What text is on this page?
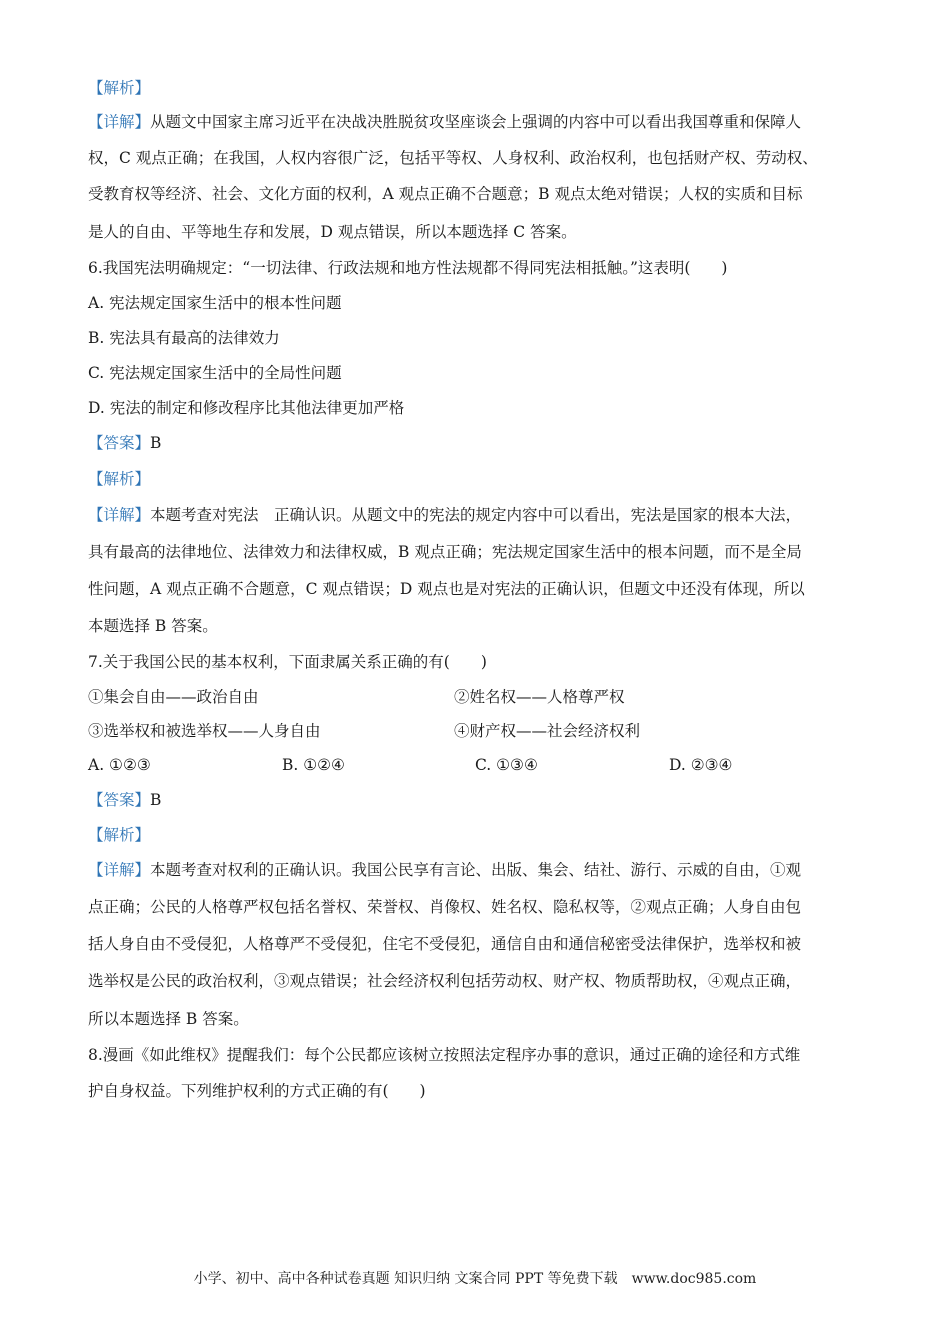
【解析】
【详解】从题文中国家主席习近平在决战决胜脱贫攻坚座谈会上强调的内容中可以看出我国尊重和保障人
权，C 观点正确；在我国，人权内容很广泛，包括平等权、人身权利、政治权利，也包括财产权、劳动权、
受教育权等经济、社会、文化方面的权利，A 观点正确不合题意；B 观点太绝对错误；人权的实质和目标
是人的自由、平等地生存和发展，D 观点错误，所以本题选择 C 答案。
6.我国宪法明确规定：“一切法律、行政法规和地方性法规都不得同宪法相抵触。”这表明(　　)
A. 宪法规定国家生活中的根本性问题
B. 宪法具有最高的法律效力
C. 宪法规定国家生活中的全局性问题
D. 宪法的制定和修改程序比其他法律更加严格
【答案】B
【解析】
【详解】本题考查对宪法　正确认识。从题文中的宪法的规定内容中可以看出，宪法是国家的根本大法，
具有最高的法律地位、法律效力和法律权威，B 观点正确；宪法规定国家生活中的根本问题，而不是全局
性问题，A 观点正确不合题意，C 观点错误；D 观点也是对宪法的正确认识，但题文中还没有体现，所以
本题选择 B 答案。
7.关于我国公民的基本权利，下面隶属关系正确的有(　　)
①集会自由——政治自由	②姓名权——人格尊严权
③选举权和被选举权——人身自由	④财产权——社会经济权利
A. ①②③	B. ①②④	C. ①③④	D. ②③④
【答案】B
【解析】
【详解】本题考查对权利的正确认识。我国公民享有言论、出版、集会、结社、游行、示威的自由，①观
点正确；公民的人格尊严权包括名誉权、荣誉权、肖像权、姓名权、隐私权等，②观点正确；人身自由包
括人身自由不受侵犯，人格尊严不受侵犯，住宅不受侵犯，通信自由和通信秘密受法律保护，选举权和被
选举权是公民的政治权利，③观点错误；社会经济权利包括劳动权、财产权、物质帮助权，④观点正确，
所以本题选择 B 答案。
8.漫画《如此维权》提醒我们：每个公民都应该树立按照法定程序办事的意识，通过正确的途径和方式维
护自身权益。下列维护权利的方式正确的有(　　)
小学、初中、高中各种试卷真题 知识归纳 文案合同 PPT 等免费下载　www.doc985.com
